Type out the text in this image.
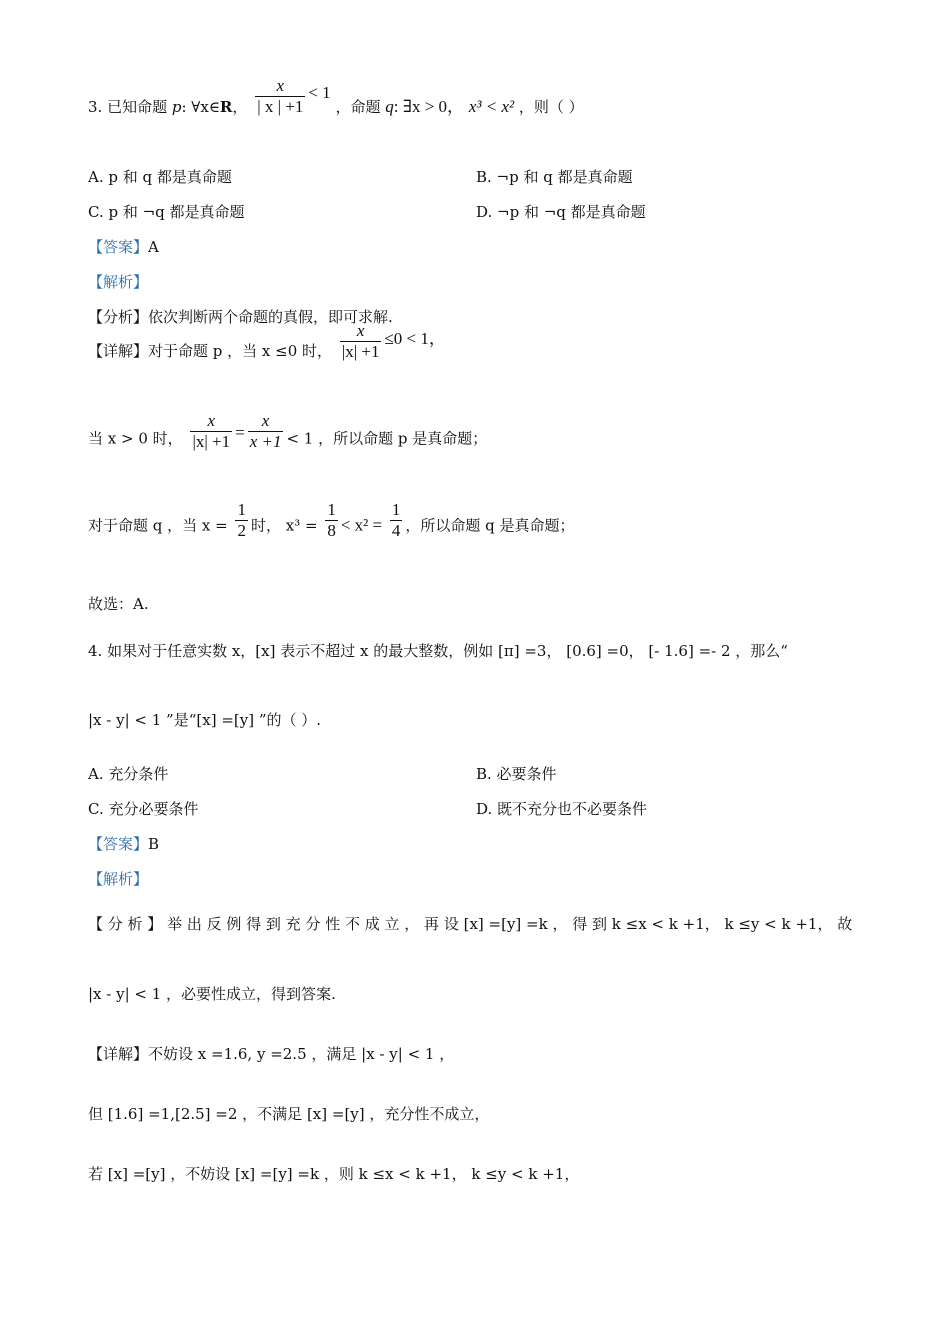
3. 已知命题 p: ∀x∈R， $\frac{x}{| x | +1} < 1$ ，命题 q: ∃x > 0， x³ < x² ，则（ ）
A. p 和 q 都是真命题	B. ¬p 和 q 都是真命题
C. p 和 ¬q 都是真命题	D. ¬p 和 ¬q 都是真命题
【答案】A
【解析】
【分析】依次判断两个命题的真假，即可求解.
【详解】对于命题 p ，当 x ≤0 时， $\frac{x}{|x| +1} \le 0 < 1$，
当 x > 0 时， $\frac{x}{|x| +1} = \frac{x}{x +1} < 1$ ，所以命题 p 是真命题；
对于命题 q ，当 $x = \frac{1}{2}$ 时， $x^3 = \frac{1}{8} < x^2 = \frac{1}{4}$ ，所以命题 q 是真命题；
故选：A.
4. 如果对于任意实数 x，[x] 表示不超过 x 的最大整数，例如 [π] =3， [0.6] =0， [- 1.6] =- 2 ，那么“
|x - y| < 1 ”是“[x] =[y] ”的（ ）.
A. 充分条件	B. 必要条件
C. 充分必要条件	D. 既不充分也不必要条件
【答案】B
【解析】
【 分 析 】 举 出 反 例 得 到 充 分 性 不 成 立 ， 再 设 [x] =[y] =k ， 得 到 k ≤x < k +1， k ≤y < k +1， 故
|x - y| < 1 ，必要性成立，得到答案.
【详解】不妨设 x =1.6, y =2.5 ，满足 |x - y| < 1 ，
但 [1.6] =1,[2.5] =2 ，不满足 [x] =[y] ，充分性不成立，
若 [x] =[y] ，不妨设 [x] =[y] =k ，则 k ≤x < k +1， k ≤y < k +1，
